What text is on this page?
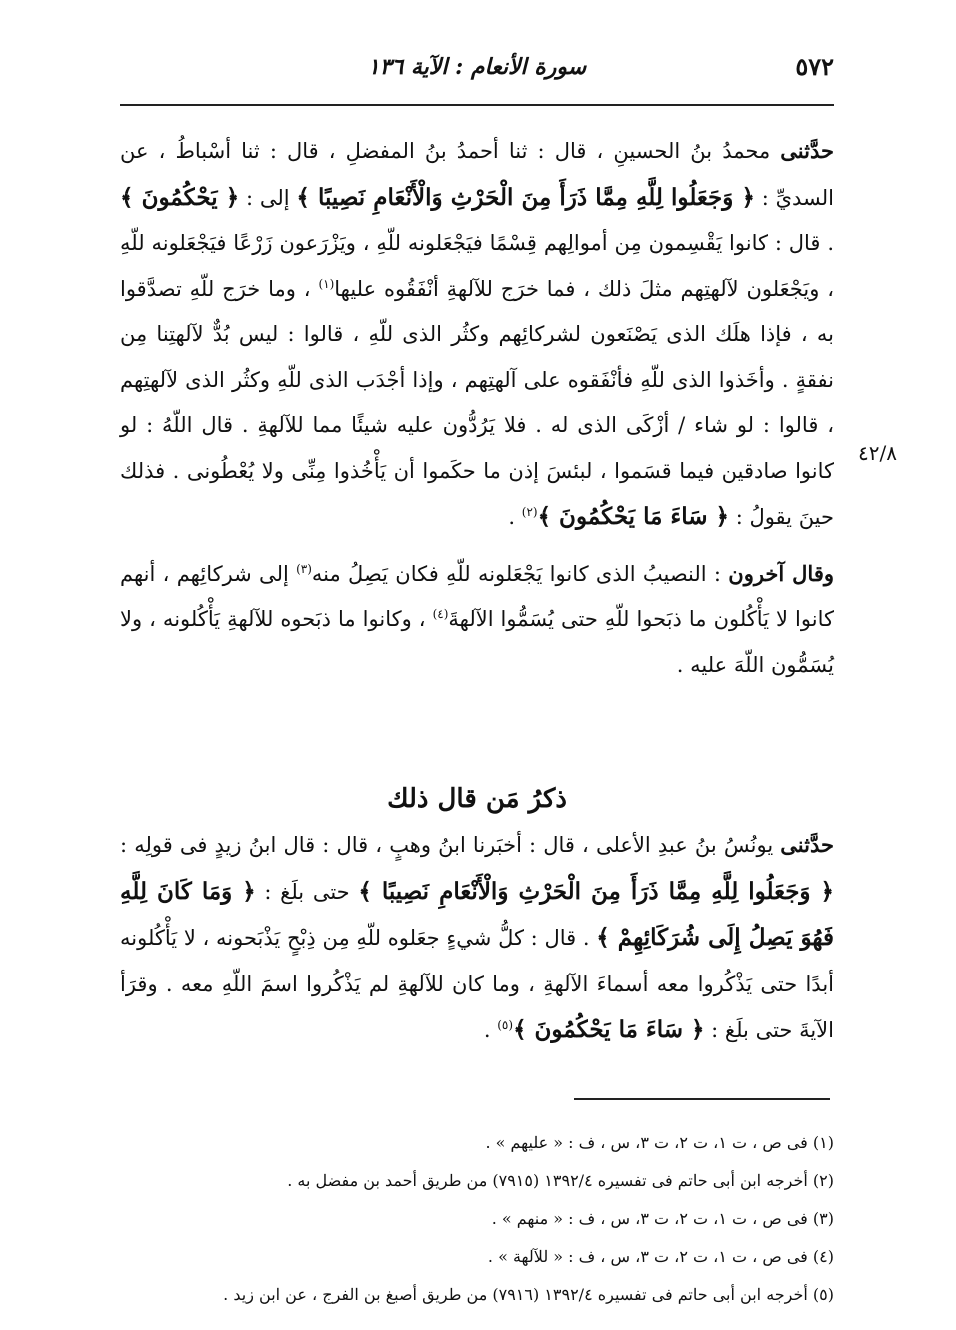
٥٧٢
سورة الأنعام : الآية ١٣٦
٤٢/٨

حدَّثنى محمدُ بنُ الحسينِ ، قال : ثنا أحمدُ بنُ المفضلِ ، قال : ثنا أسْباطُ ، عن السديِّ : ﴿ وَجَعَلُوا لِلَّهِ مِمَّا ذَرَأَ مِنَ الْحَرْثِ وَالْأَنْعَامِ نَصِيبًا ﴾ إلى : ﴿ يَحْكُمُونَ ﴾ . قال : كانوا يَقْسِمون مِن أموالِهم قِسْمًا فيَجْعَلونه للّهِ ، ويَزْرَعون زَرْعًا فيَجْعَلونه للّهِ ، ويَجْعَلون لآلهتِهم مثلَ ذلك ، فما خرَج للآلهةِ أنْفَقُوه عليها$^{(١)}$ ، وما خرَج للّهِ تصدَّقوا به ، فإذا هلَك الذى يَصْنَعون لشركائِهم وكثُر الذى للّهِ ، قالوا : ليس بُدٌّ لآلهتِنا مِن نفقةٍ . وأخَذوا الذى للّهِ فأنْفَقوه على آلهتِهم ، وإذا أجْدَب الذى للّهِ وكثُر الذى لآلهتِهم ، قالوا : لو شاء / أزْكَى الذى له . فلا يَرُدُّون عليه شيئًا مما للآلهةِ . قال اللّهُ : لو كانوا صادقين فيما قسَموا ، لبئسَ إذن ما حكَموا أن يَأْخُذوا مِنِّى ولا يُعْطُونى . فذلك حينَ يقولُ : ﴿ سَاءَ مَا يَحْكُمُونَ ﴾$^{(٢)}$ .

وقال آخرون : النصيبُ الذى كانوا يَجْعَلونه للّهِ فكان يَصِلُ منه$^{(٣)}$ إلى شركائِهم ، أنهم كانوا لا يَأْكُلون ما ذبَحوا للّهِ حتى يُسَمُّوا الآلهةَ$^{(٤)}$ ، وكانوا ما ذبَحوه للآلهةِ يَأْكُلونه ، ولا يُسَمُّون اللّهَ عليه .

ذكرُ مَن قال ذلك

حدَّثنى يونُسُ بنُ عبدِ الأعلى ، قال : أخبَرنا ابنُ وهبٍ ، قال : قال ابنُ زيدٍ فى قولِه : ﴿ وَجَعَلُوا لِلَّهِ مِمَّا ذَرَأَ مِنَ الْحَرْثِ وَالْأَنْعَامِ نَصِيبًا ﴾ حتى بلَغ : ﴿ وَمَا كَانَ لِلَّهِ فَهُوَ يَصِلُ إِلَى شُرَكَائِهِمْ ﴾ . قال : كلُّ شيءٍ جعَلوه للّهِ مِن ذِبْحٍ يَذْبَحونه ، لا يَأْكُلونه أبدًا حتى يَذْكُروا معه أسماءَ الآلهةِ ، وما كان للآلهةِ لم يَذْكُروا اسمَ اللّهِ معه . وقرَأ الآيةَ حتى بلَغ : ﴿ سَاءَ مَا يَحْكُمُونَ ﴾$^{(٥)}$ .

(١) فى ص ، ت ١، ت ٢، ت ٣، س ، ف : « عليهم » .
(٢) أخرجه ابن أبى حاتم فى تفسيره ١٣٩٢/٤ (٧٩١٥) من طريق أحمد بن مفضل به .
(٣) فى ص ، ت ١، ت ٢، ت ٣، س ، ف : « منهم » .
(٤) فى ص ، ت ١، ت ٢، ت ٣، س ، ف : « للآلهة » .
(٥) أخرجه ابن أبى حاتم فى تفسيره ١٣٩٢/٤ (٧٩١٦) من طريق أصبغ بن الفرج ، عن ابن زيد .
